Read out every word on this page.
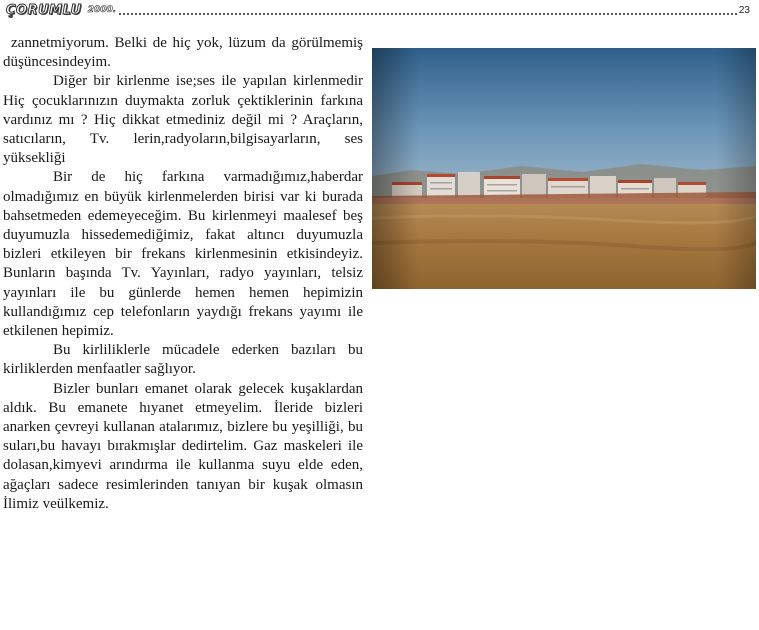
ÇORUMLU 2000.	23

zannetmiyorum. Belki de hiç yok, lüzum da görülmemiş düşüncesindeyim.

Diğer bir kirlenme ise;ses ile yapılan kirlenmedir Hiç çocuklarınızın duymakta zorluk çektiklerinin farkına vardınız mı ? Hiç dikkat etmediniz değil mi ? Araçların, satıcıların, Tv. lerin,radyoların,bilgisayarların, ses yüksekliği

Bir de hiç farkına varmadığımız,haberdar olmadığımız en büyük kirlenmelerden birisi var ki burada bahsetmeden edemeyeceğim. Bu kirlenmeyi maalesef beş duyumuzla hissedemediğimiz, fakat altıncı duyumuzla bizleri etkileyen bir frekans kirlenmesinin etkisindeyiz. Bunların başında Tv. Yayınları, radyo yayınları, telsiz yayınları ile bu günlerde hemen hemen hepimizin kullandığımız cep telefonların yaydığı frekans yayımı ile etkilenen hepimiz.

Bu kirliliklerle mücadele ederken bazıları bu kirliklerden menfaatler sağlıyor.

Bizler bunları emanet olarak gelecek kuşaklardan aldık. Bu emanete hıyanet etmeyelim. İleride bizleri anarken çevreyi kullanan atalarımız, bizlere bu yeşilliği, bu suları,bu havayı bırakmışlar dedirtelim. Gaz maskeleri ile dolasan,kimyevi arındırma ile kullanma suyu elde eden, ağaçları sadece resimlerinden tanıyan bir kuşak olmasın İlimiz veülkemiz.
